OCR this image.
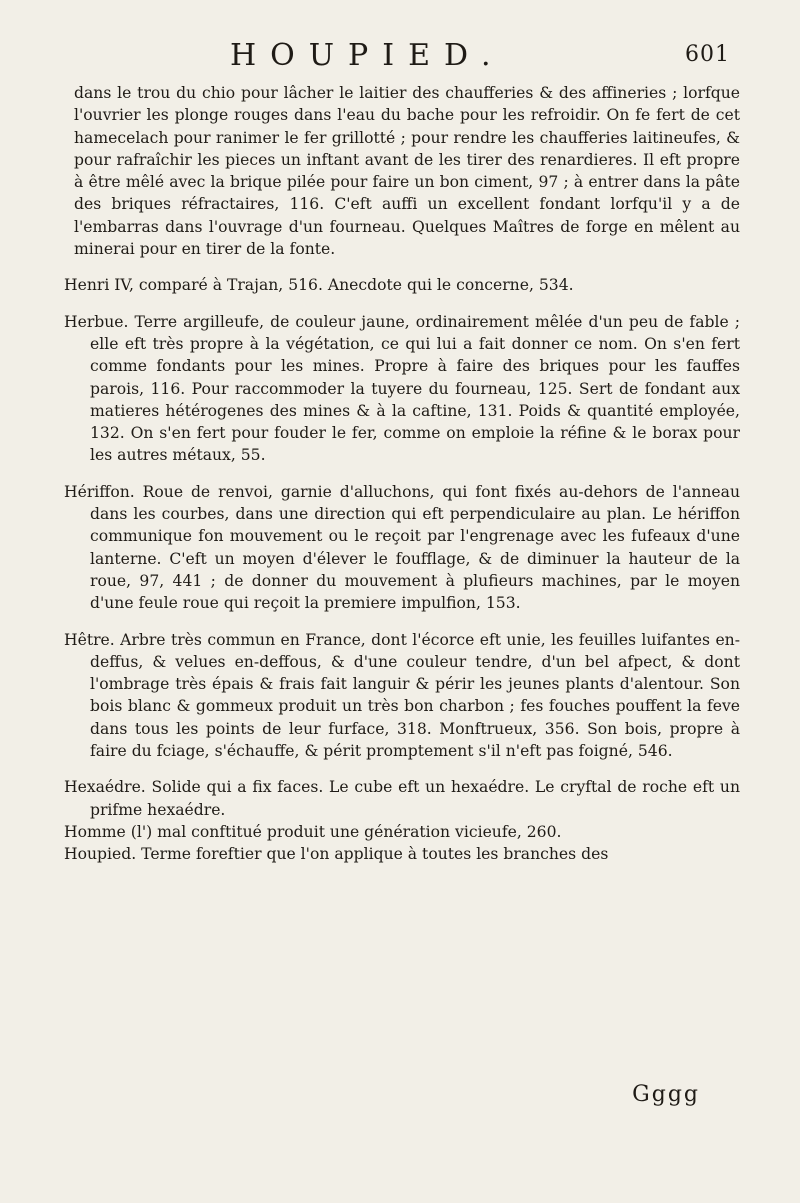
HOUPIED.	601

dans le trou du chio pour lâcher le laitier des chaufferies & des affineries ; lorfque l'ouvrier les plonge rouges dans l'eau du bache pour les refroidir. On fe fert de cet hamecelach pour ranimer le fer grillotté ; pour rendre les chaufferies laitineufes, & pour rafraîchir les pieces un inftant avant de les tirer des renardieres. Il eft propre à être mêlé avec la brique pilée pour faire un bon ciment, 97 ; à entrer dans la pâte des briques réfractaires, 116. C'eft auffi un excellent fondant lorfqu'il y a de l'embarras dans l'ouvrage d'un fourneau. Quelques Maîtres de forge en mêlent au minerai pour en tirer de la fonte.

Henri IV, comparé à Trajan, 516. Anecdote qui le concerne, 534.

Herbue. Terre argilleufe, de couleur jaune, ordinairement mêlée d'un peu de fable ; elle eft très propre à la végétation, ce qui lui a fait donner ce nom. On s'en fert comme fondants pour les mines. Propre à faire des briques pour les fauffes parois, 116. Pour raccommoder la tuyere du fourneau, 125. Sert de fondant aux matieres hétérogenes des mines & à la caftine, 131. Poids & quantité employée, 132. On s'en fert pour fouder le fer, comme on emploie la réfine & le borax pour les autres métaux, 55.

Hériffon. Roue de renvoi, garnie d'alluchons, qui font fixés au-dehors de l'anneau dans les courbes, dans une direction qui eft perpendiculaire au plan. Le hériffon communique fon mouvement ou le reçoit par l'engrenage avec les fufeaux d'une lanterne. C'eft un moyen d'élever le foufflage, & de diminuer la hauteur de la roue, 97, 441 ; de donner du mouvement à plufieurs machines, par le moyen d'une feule roue qui reçoit la premiere impulfion, 153.

Hêtre. Arbre très commun en France, dont l'écorce eft unie, les feuilles luifantes en-deffus, & velues en-deffous, & d'une couleur tendre, d'un bel afpect, & dont l'ombrage très épais & frais fait languir & périr les jeunes plants d'alentour. Son bois blanc & gommeux produit un très bon charbon ; fes fouches pouffent la feve dans tous les points de leur furface, 318. Monftrueux, 356. Son bois, propre à faire du fciage, s'échauffe, & périt promptement s'il n'eft pas foigné, 546.

Hexaédre. Solide qui a fix faces. Le cube eft un hexaédre. Le cryftal de roche eft un prifme hexaédre.

Homme (l') mal conftitué produit une génération vicieufe, 260.

Houpied. Terme foreftier que l'on applique à toutes les branches des

Gggg
